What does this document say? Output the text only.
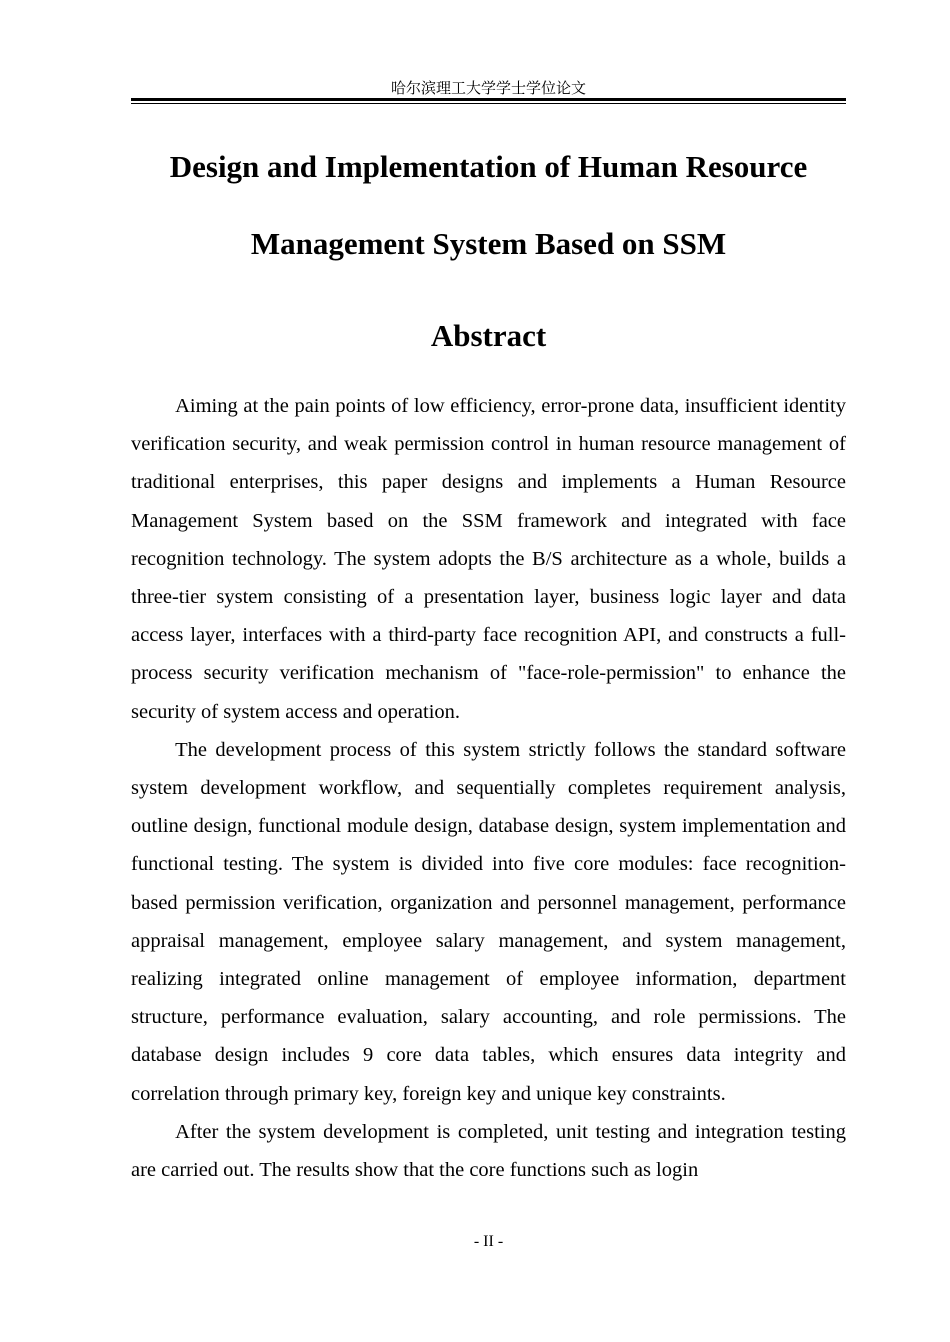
哈尔滨理工大学学士学位论文
Design and Implementation of Human Resource Management System Based on SSM
Abstract

Aiming at the pain points of low efficiency, error-prone data, insufficient identity verification security, and weak permission control in human resource management of traditional enterprises, this paper designs and implements a Human Resource Management System based on the SSM framework and integrated with face recognition technology. The system adopts the B/S architecture as a whole, builds a three-tier system consisting of a presentation layer, business logic layer and data access layer, interfaces with a third-party face recognition API, and constructs a full-process security verification mechanism of "face-role-permission" to enhance the security of system access and operation.

The development process of this system strictly follows the standard software system development workflow, and sequentially completes requirement analysis, outline design, functional module design, database design, system implementation and functional testing. The system is divided into five core modules: face recognition-based permission verification, organization and personnel management, performance appraisal management, employee salary management, and system management, realizing integrated online management of employee information, department structure, performance evaluation, salary accounting, and role permissions. The database design includes 9 core data tables, which ensures data integrity and correlation through primary key, foreign key and unique key constraints.

After the system development is completed, unit testing and integration testing are carried out. The results show that the core functions such as login

- II -
